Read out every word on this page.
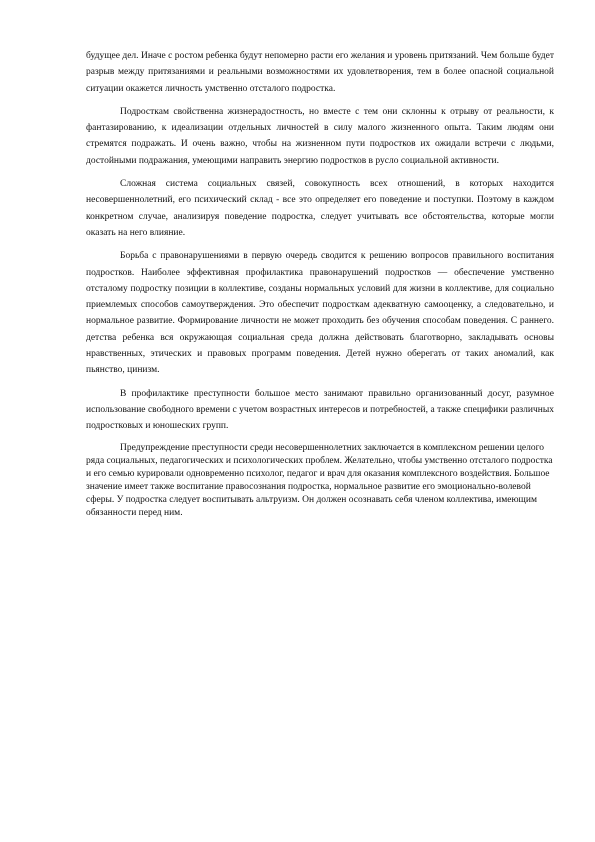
будущее дел. Иначе с ростом ребенка будут непомерно расти его желания и уровень притязаний. Чем больше будет разрыв между притязаниями и реальными возможностями их удовлетворения, тем в более опасной социальной ситуации окажется личность умственно отсталого подростка.

Подросткам свойственна жизнерадостность, но вместе с тем они склонны к отрыву от реальности, к фантазированию, к идеализации отдельных личностей в силу малого жизненного опыта. Таким людям они стремятся подражать. И очень важно, чтобы на жизненном пути подростков их ожидали встречи с людьми, достойными подражания, умеющими направить энергию подростков в русло социальной активности.

Сложная система социальных связей, совокупность всех отношений, в которых находится несовершеннолетний, его психический склад - все это определяет его поведение и поступки. Поэтому в каждом конкретном случае, анализируя поведение подростка, следует учитывать все обстоятельства, которые могли оказать на него влияние.

Борьба с правонарушениями в первую очередь сводится к решению вопросов правильного воспитания подростков. Наиболее эффективная профилактика правонарушений подростков — обеспечение умственно отсталому подростку позиции в коллективе, созданы нормальных условий для жизни в коллективе, для социально приемлемых способов самоутверждения. Это обеспечит подросткам адекватную самооценку, а следовательно, и нормальное развитие. Формирование личности не может проходить без обучения способам поведения. С раннего. детства ребенка вся окружающая социальная среда должна действовать благотворно, закладывать основы нравственных, этических и правовых программ поведения. Детей нужно оберегать от таких аномалий, как пьянство, цинизм.

В профилактике преступности большое место занимают правильно организованный досуг, разумное использование свободного времени с учетом возрастных интересов и потребностей, а также специфики различных подростковых и юношеских групп.

Предупреждение преступности среди несовершеннолетних заключается в комплексном решении целого ряда социальных, педагогических и психологических проблем. Желательно, чтобы умственно отсталого подростка и его семью курировали одновременно психолог, педагог и врач для оказания комплексного воздействия. Большое значение имеет также воспитание правосознания подростка, нормальное развитие его эмоционально-волевой сферы. У подростка следует воспитывать альтруизм. Он должен осознавать себя членом коллектива, имеющим обязанности перед ним.
